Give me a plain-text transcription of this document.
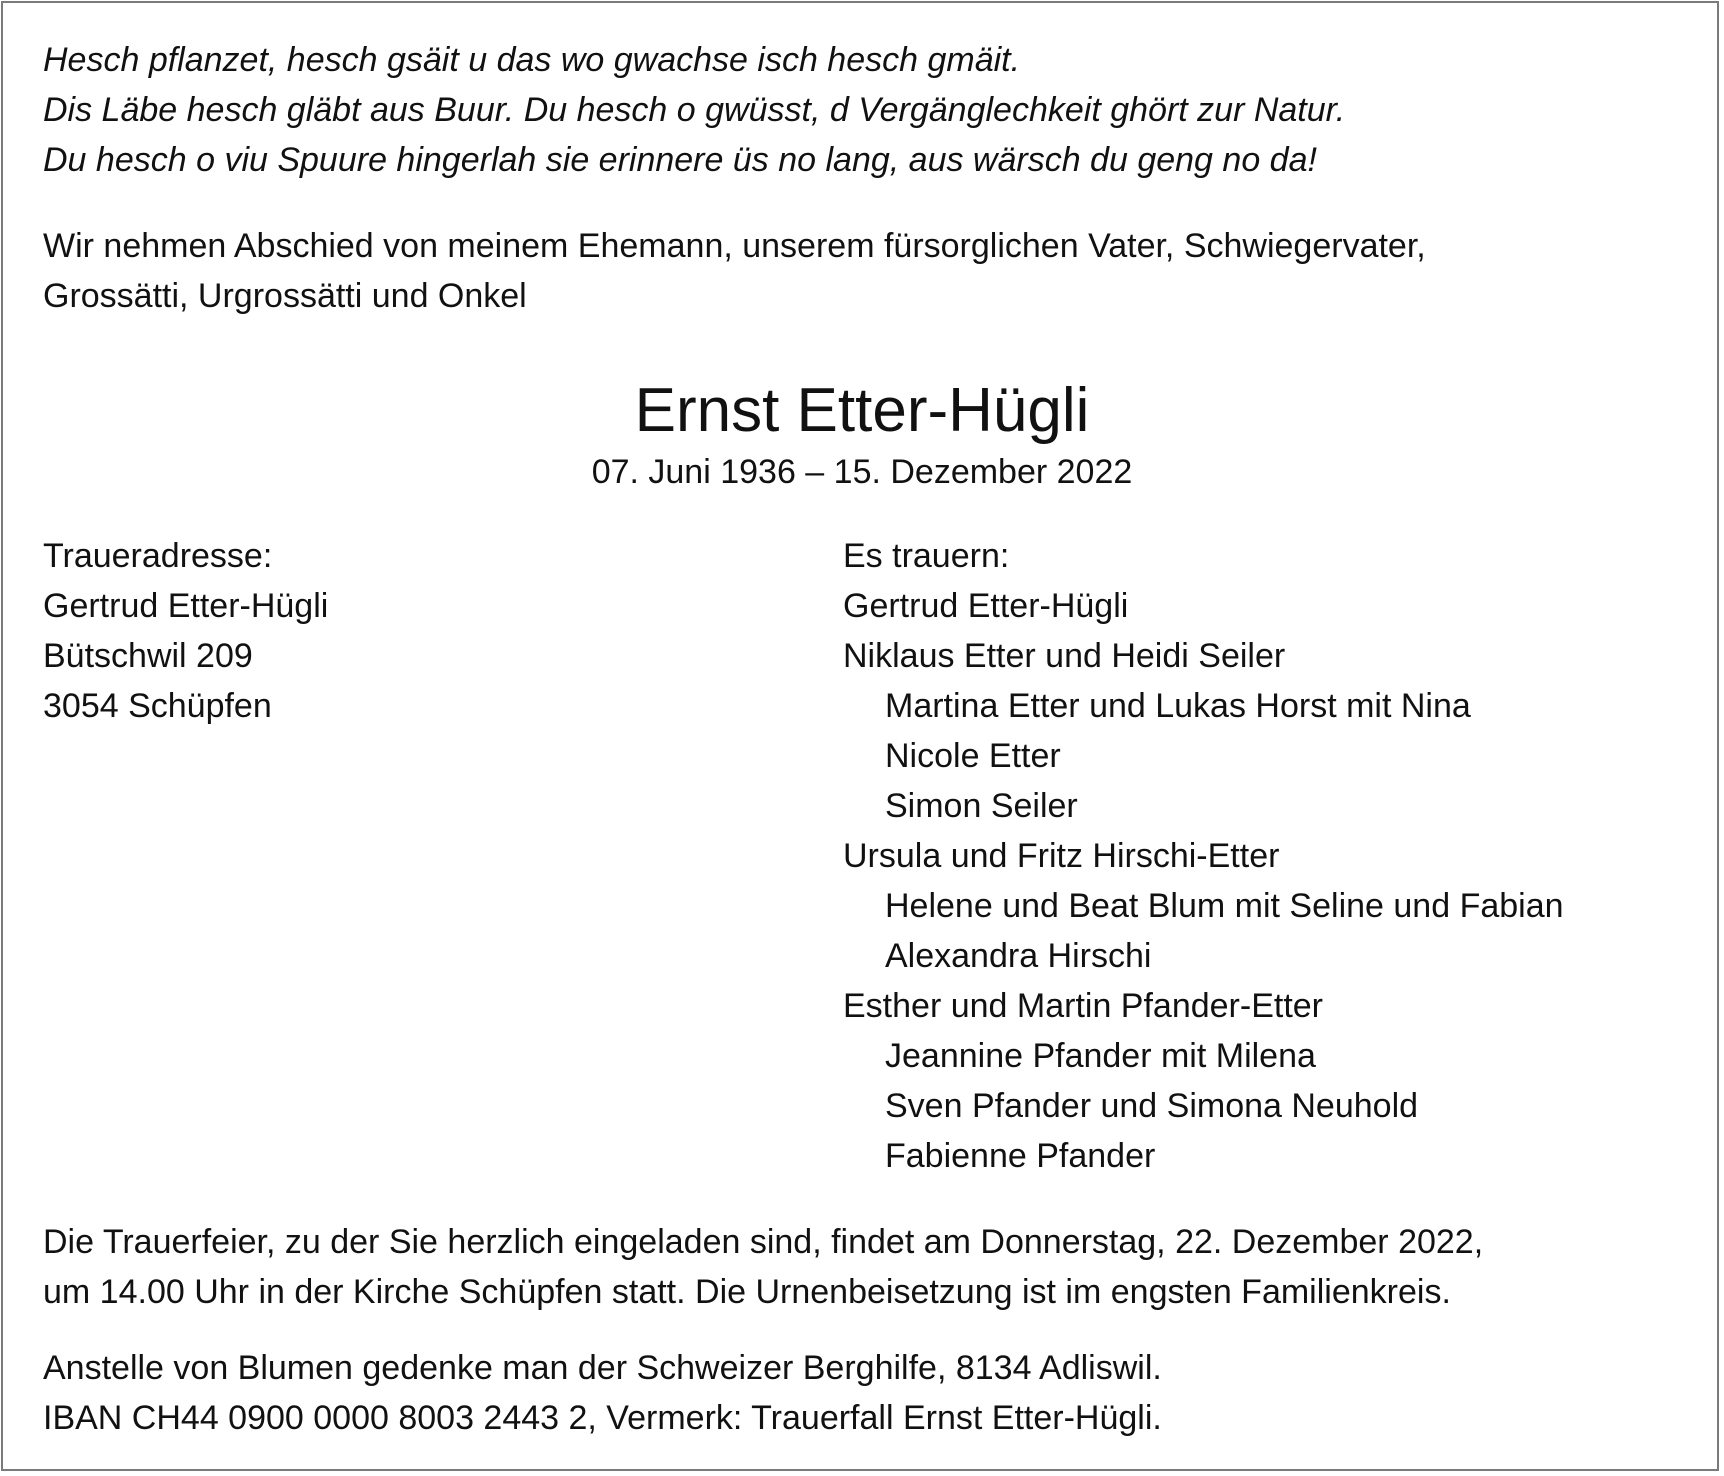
Hesch pflanzet, hesch gsäit u das wo gwachse isch hesch gmäit.
Dis Läbe hesch gläbt aus Buur. Du hesch o gwüsst, d Vergänglechkeit ghört zur Natur.
Du hesch o viu Spuure hingerlah sie erinnere üs no lang, aus wärsch du geng no da!
Wir nehmen Abschied von meinem Ehemann, unserem fürsorglichen Vater, Schwiegervater,
Grossätti, Urgrossätti und Onkel
Ernst Etter-Hügli
07. Juni 1936 – 15. Dezember 2022
Traueradresse:
Gertrud Etter-Hügli
Bütschwil 209
3054 Schüpfen
Es trauern:
Gertrud Etter-Hügli
Niklaus Etter und Heidi Seiler
Martina Etter und Lukas Horst mit Nina
Nicole Etter
Simon Seiler
Ursula und Fritz Hirschi-Etter
Helene und Beat Blum mit Seline und Fabian
Alexandra Hirschi
Esther und Martin Pfander-Etter
Jeannine Pfander mit Milena
Sven Pfander und Simona Neuhold
Fabienne Pfander
Die Trauerfeier, zu der Sie herzlich eingeladen sind, findet am Donnerstag, 22. Dezember 2022,
um 14.00 Uhr in der Kirche Schüpfen statt. Die Urnenbeisetzung ist im engsten Familienkreis.
Anstelle von Blumen gedenke man der Schweizer Berghilfe, 8134 Adliswil.
IBAN CH44 0900 0000 8003 2443 2, Vermerk: Trauerfall Ernst Etter-Hügli.
